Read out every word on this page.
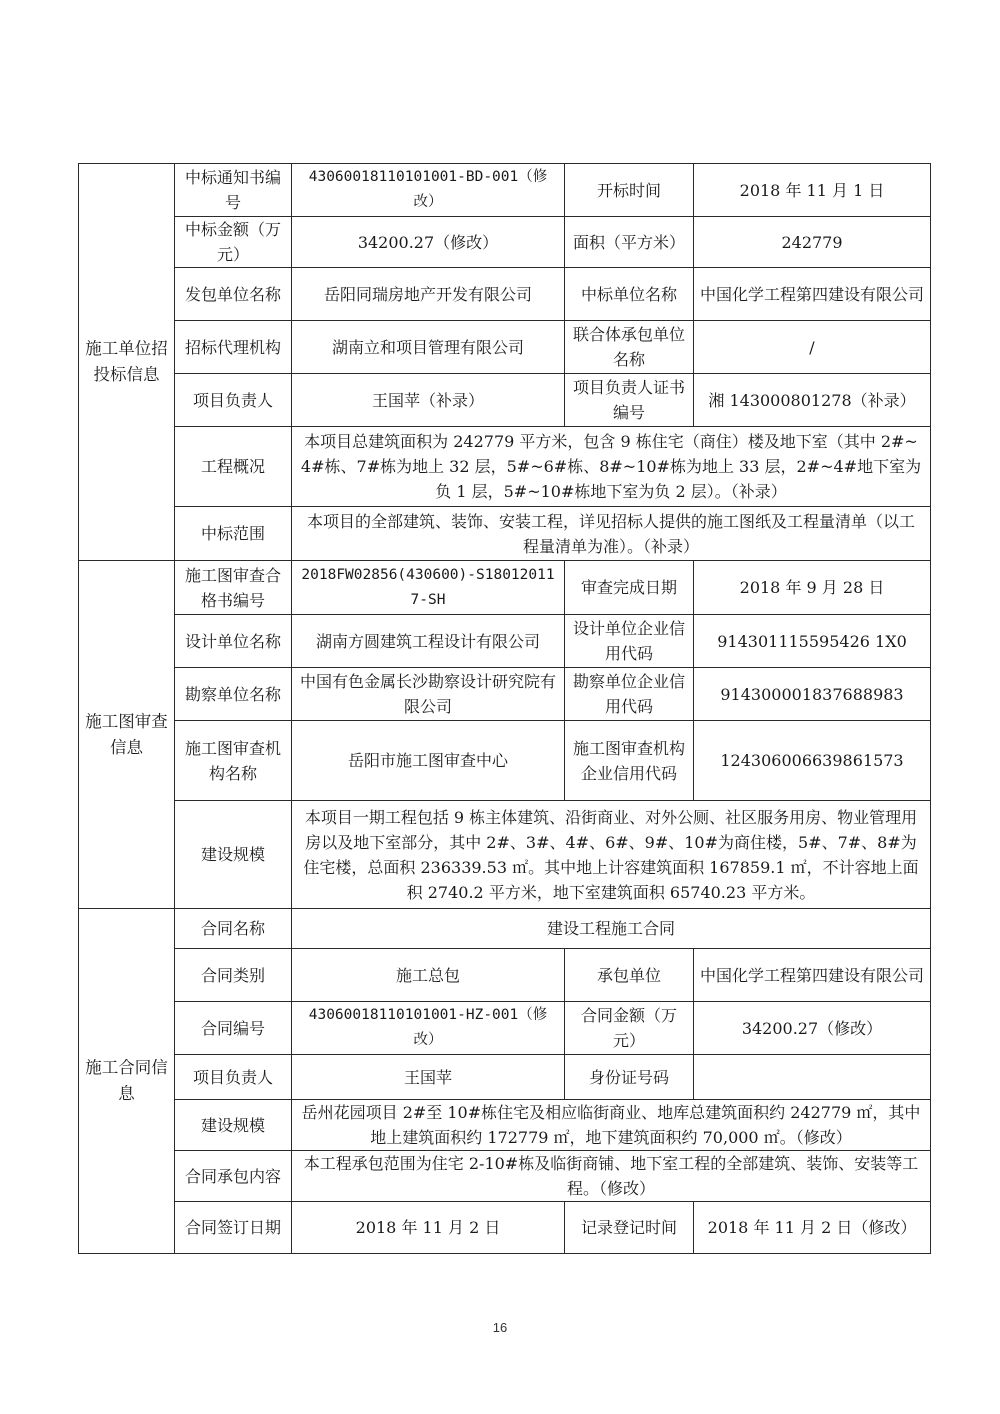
施工单位招投标信息	中标通知书编号	43060018110101001-BD-001（修改）	开标时间	2018 年 11 月 1 日
	中标金额（万元）	34200.27（修改）	面积（平方米）	242779
	发包单位名称	岳阳同瑞房地产开发有限公司	中标单位名称	中国化学工程第四建设有限公司
	招标代理机构	湖南立和项目管理有限公司	联合体承包单位名称	/
	项目负责人	王国苹（补录）	项目负责人证书编号	湘 143000801278（补录）
	工程概况	本项目总建筑面积为 242779 平方米，包含 9 栋住宅（商住）楼及地下室（其中 2#~4#栋、7#栋为地上 32 层，5#~6#栋、8#~10#栋为地上 33 层，2#~4#地下室为负 1 层，5#~10#栋地下室为负 2 层）。（补录）		
	中标范围	本项目的全部建筑、装饰、安装工程，详见招标人提供的施工图纸及工程量清单（以工程量清单为准）。（补录）		
施工图审查信息	施工图审查合格书编号	2018FW02856(430600)-S180120117-SH	审查完成日期	2018 年 9 月 28 日
	设计单位名称	湖南方圆建筑工程设计有限公司	设计单位企业信用代码	914301115595426 1X0
	勘察单位名称	中国有色金属长沙勘察设计研究院有限公司	勘察单位企业信用代码	914300001837688983
	施工图审查机构名称	岳阳市施工图审查中心	施工图审查机构企业信用代码	124306006639861573
	建设规模	本项目一期工程包括 9 栋主体建筑、沿街商业、对外公厕、社区服务用房、物业管理用房以及地下室部分，其中 2#、3#、4#、6#、9#、10#为商住楼，5#、7#、8#为住宅楼，总面积 236339.53 ㎡。其中地上计容建筑面积 167859.1 ㎡，不计容地上面积 2740.2 平方米，地下室建筑面积 65740.23 平方米。		
施工合同信息	合同名称	建设工程施工合同		
	合同类别	施工总包	承包单位	中国化学工程第四建设有限公司
	合同编号	43060018110101001-HZ-001（修改）	合同金额（万元）	34200.27（修改）
	项目负责人	王国苹	身份证号码	
	建设规模	岳州花园项目 2#至 10#栋住宅及相应临街商业、地库总建筑面积约 242779 ㎡，其中地上建筑面积约 172779 ㎡，地下建筑面积约 70,000 ㎡。（修改）		
	合同承包内容	本工程承包范围为住宅 2-10#栋及临街商铺、地下室工程的全部建筑、装饰、安装等工程。（修改）		
	合同签订日期	2018 年 11 月 2 日	记录登记时间	2018 年 11 月 2 日（修改）
16
